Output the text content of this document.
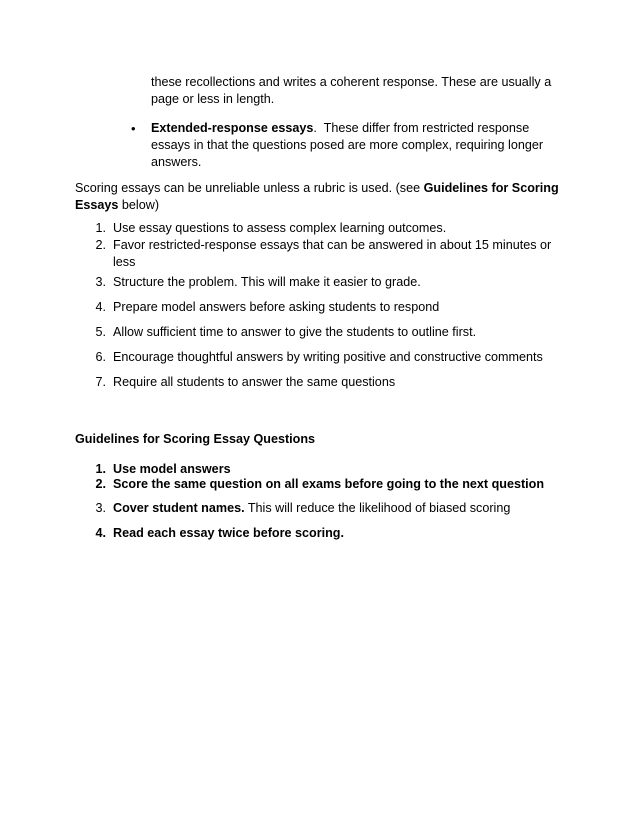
these recollections and writes a coherent response. These are usually a page or less in length.
•	Extended-response essays.  These differ from restricted response essays in that the questions posed are more complex, requiring longer answers.
Scoring essays can be unreliable unless a rubric is used. (see Guidelines for Scoring Essays below)
1. Use essay questions to assess complex learning outcomes.
2. Favor restricted-response essays that can be answered in about 15 minutes or less
3. Structure the problem. This will make it easier to grade.
4. Prepare model answers before asking students to respond
5. Allow sufficient time to answer to give the students to outline first.
6. Encourage thoughtful answers by writing positive and constructive comments
7. Require all students to answer the same questions
Guidelines for Scoring Essay Questions
1. Use model answers
2. Score the same question on all exams before going to the next question
3. Cover student names. This will reduce the likelihood of biased scoring
4. Read each essay twice before scoring.
